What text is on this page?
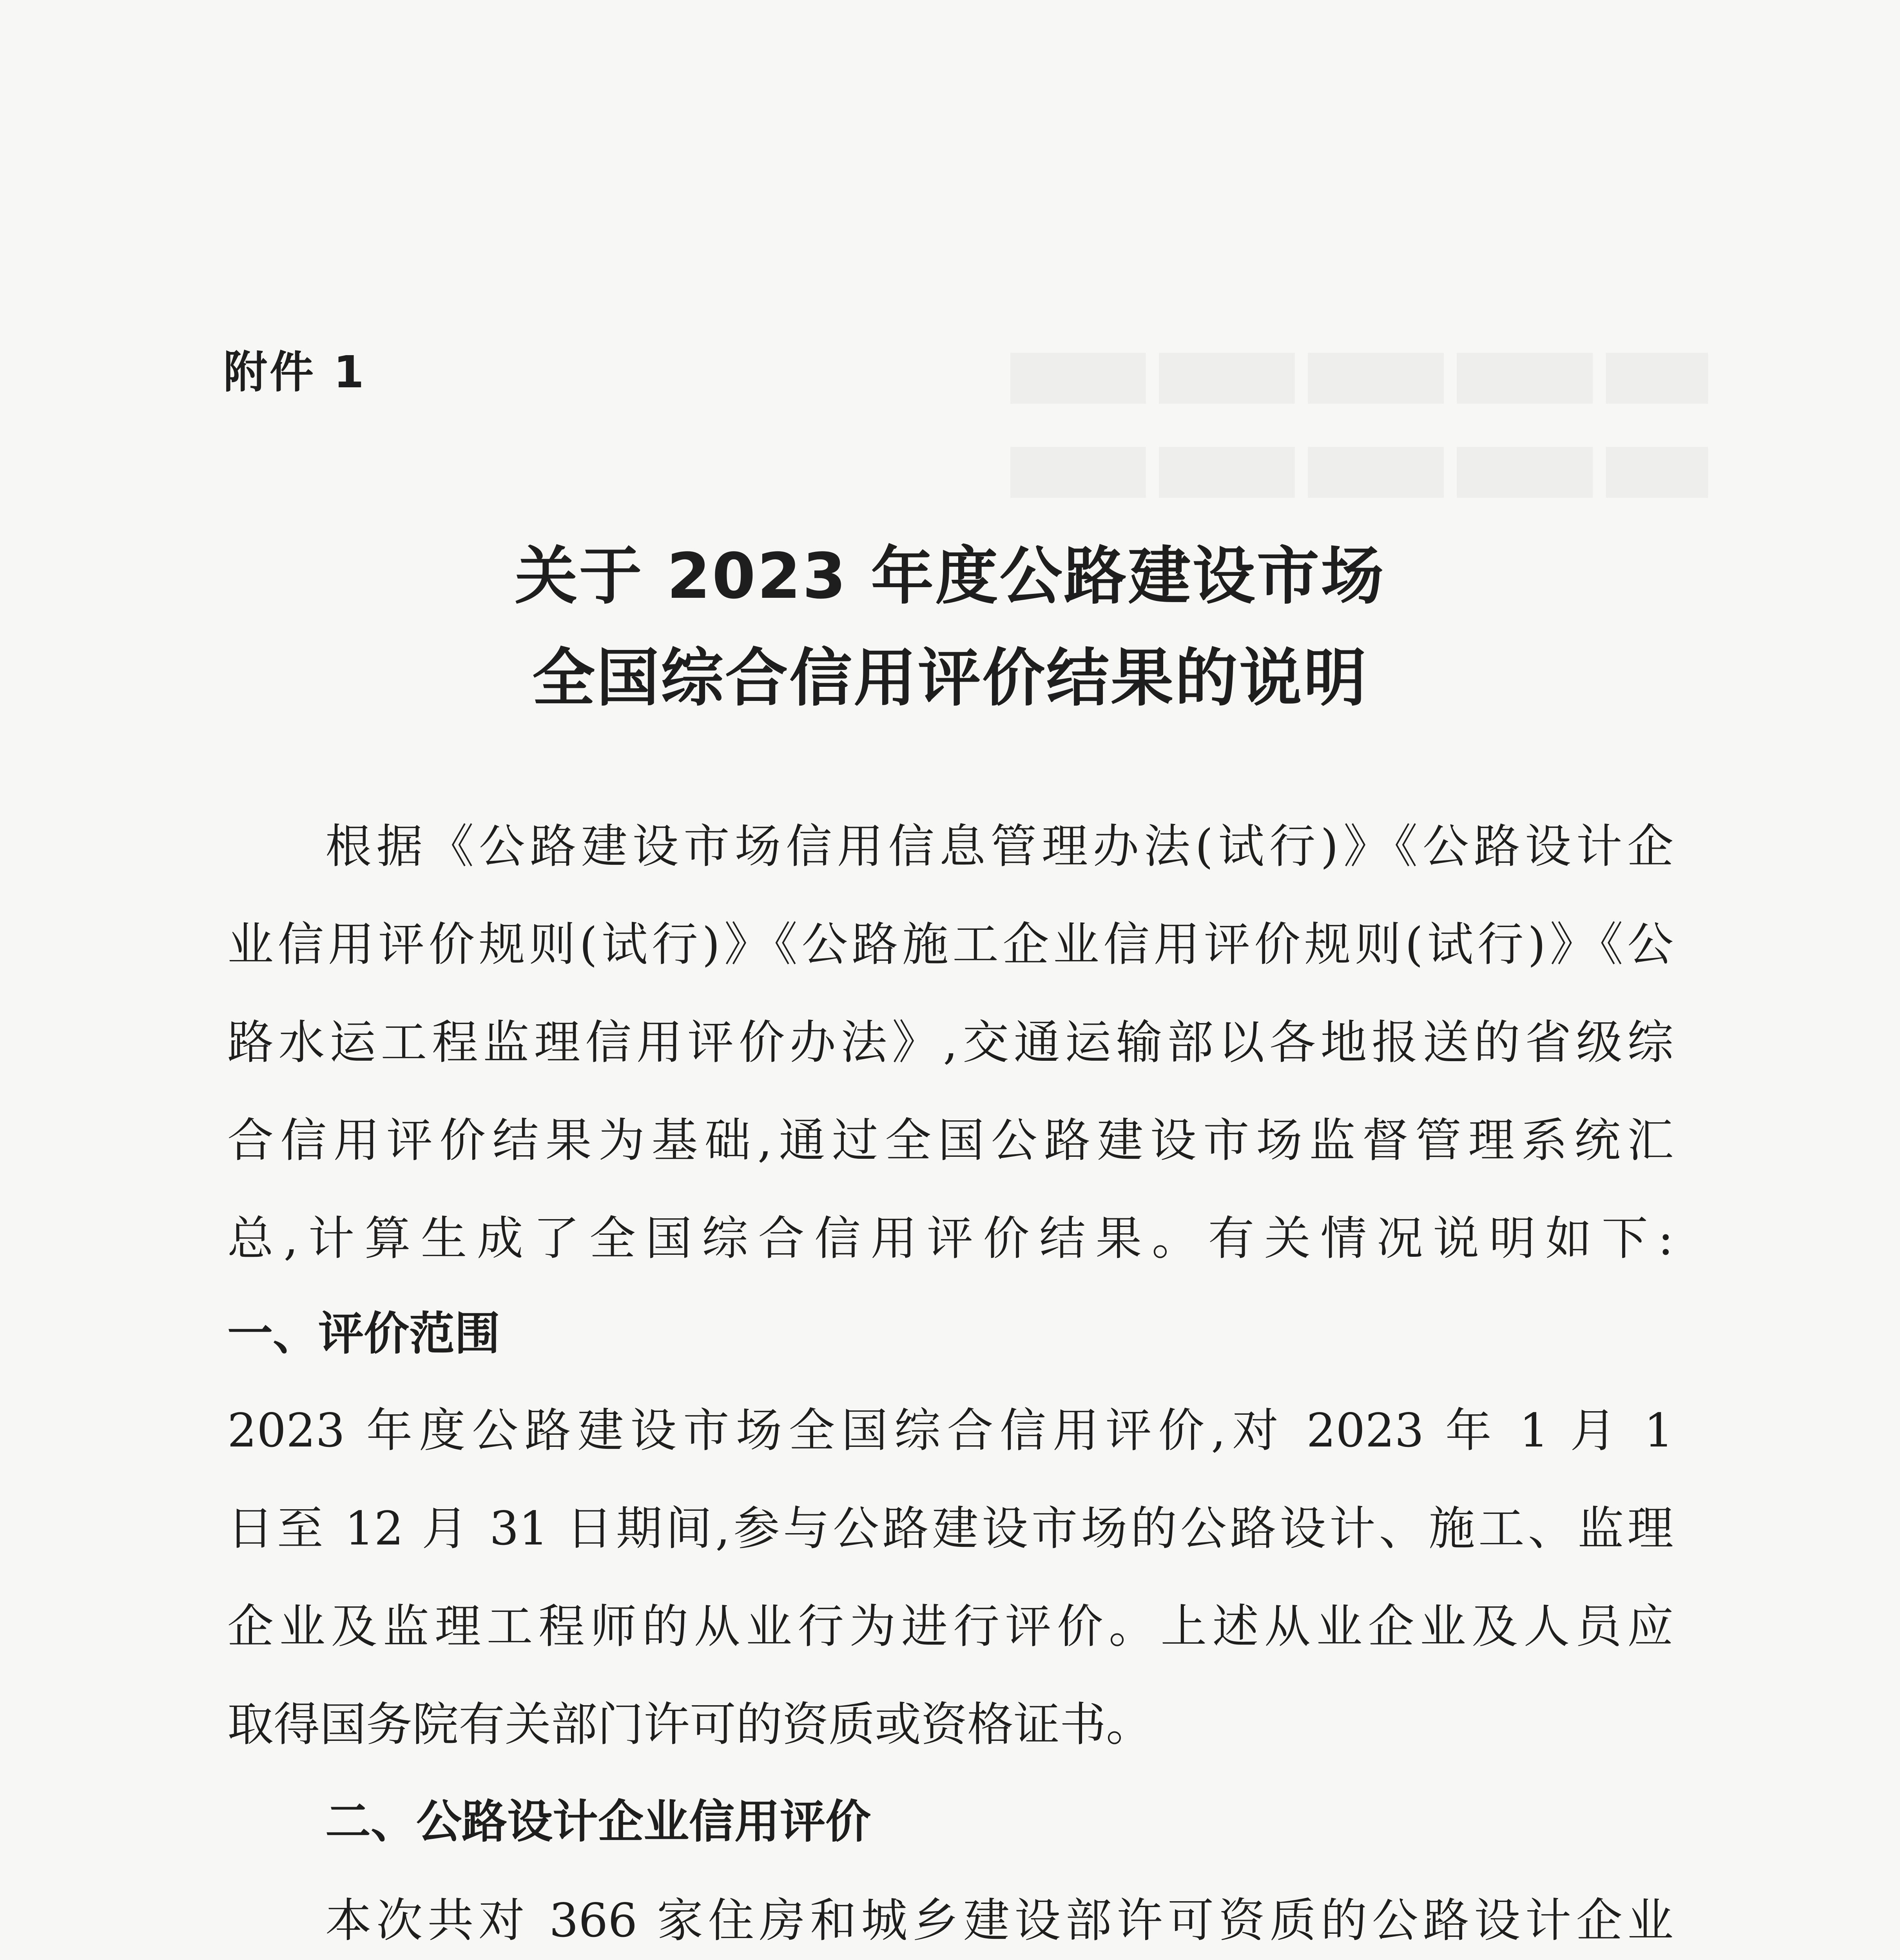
████ ████ ████ ████ ███
████ ████ ████ ████ ███
附件 1
关于 2023 年度公路建设市场
全国综合信用评价结果的说明
根据《公路建设市场信用信息管理办法(试行)》《公路设计企
业信用评价规则(试行)》《公路施工企业信用评价规则(试行)》《公
路水运工程监理信用评价办法》,交通运输部以各地报送的省级综
合信用评价结果为基础,通过全国公路建设市场监督管理系统汇
总,计算生成了全国综合信用评价结果。有关情况说明如下:
一、评价范围
2023 年度公路建设市场全国综合信用评价,对 2023 年 1 月 1
日至 12 月 31 日期间,参与公路建设市场的公路设计、施工、监理
企业及监理工程师的从业行为进行评价。上述从业企业及人员应
取得国务院有关部门许可的资质或资格证书。
二、公路设计企业信用评价
本次共对 366 家住房和城乡建设部许可资质的公路设计企业
